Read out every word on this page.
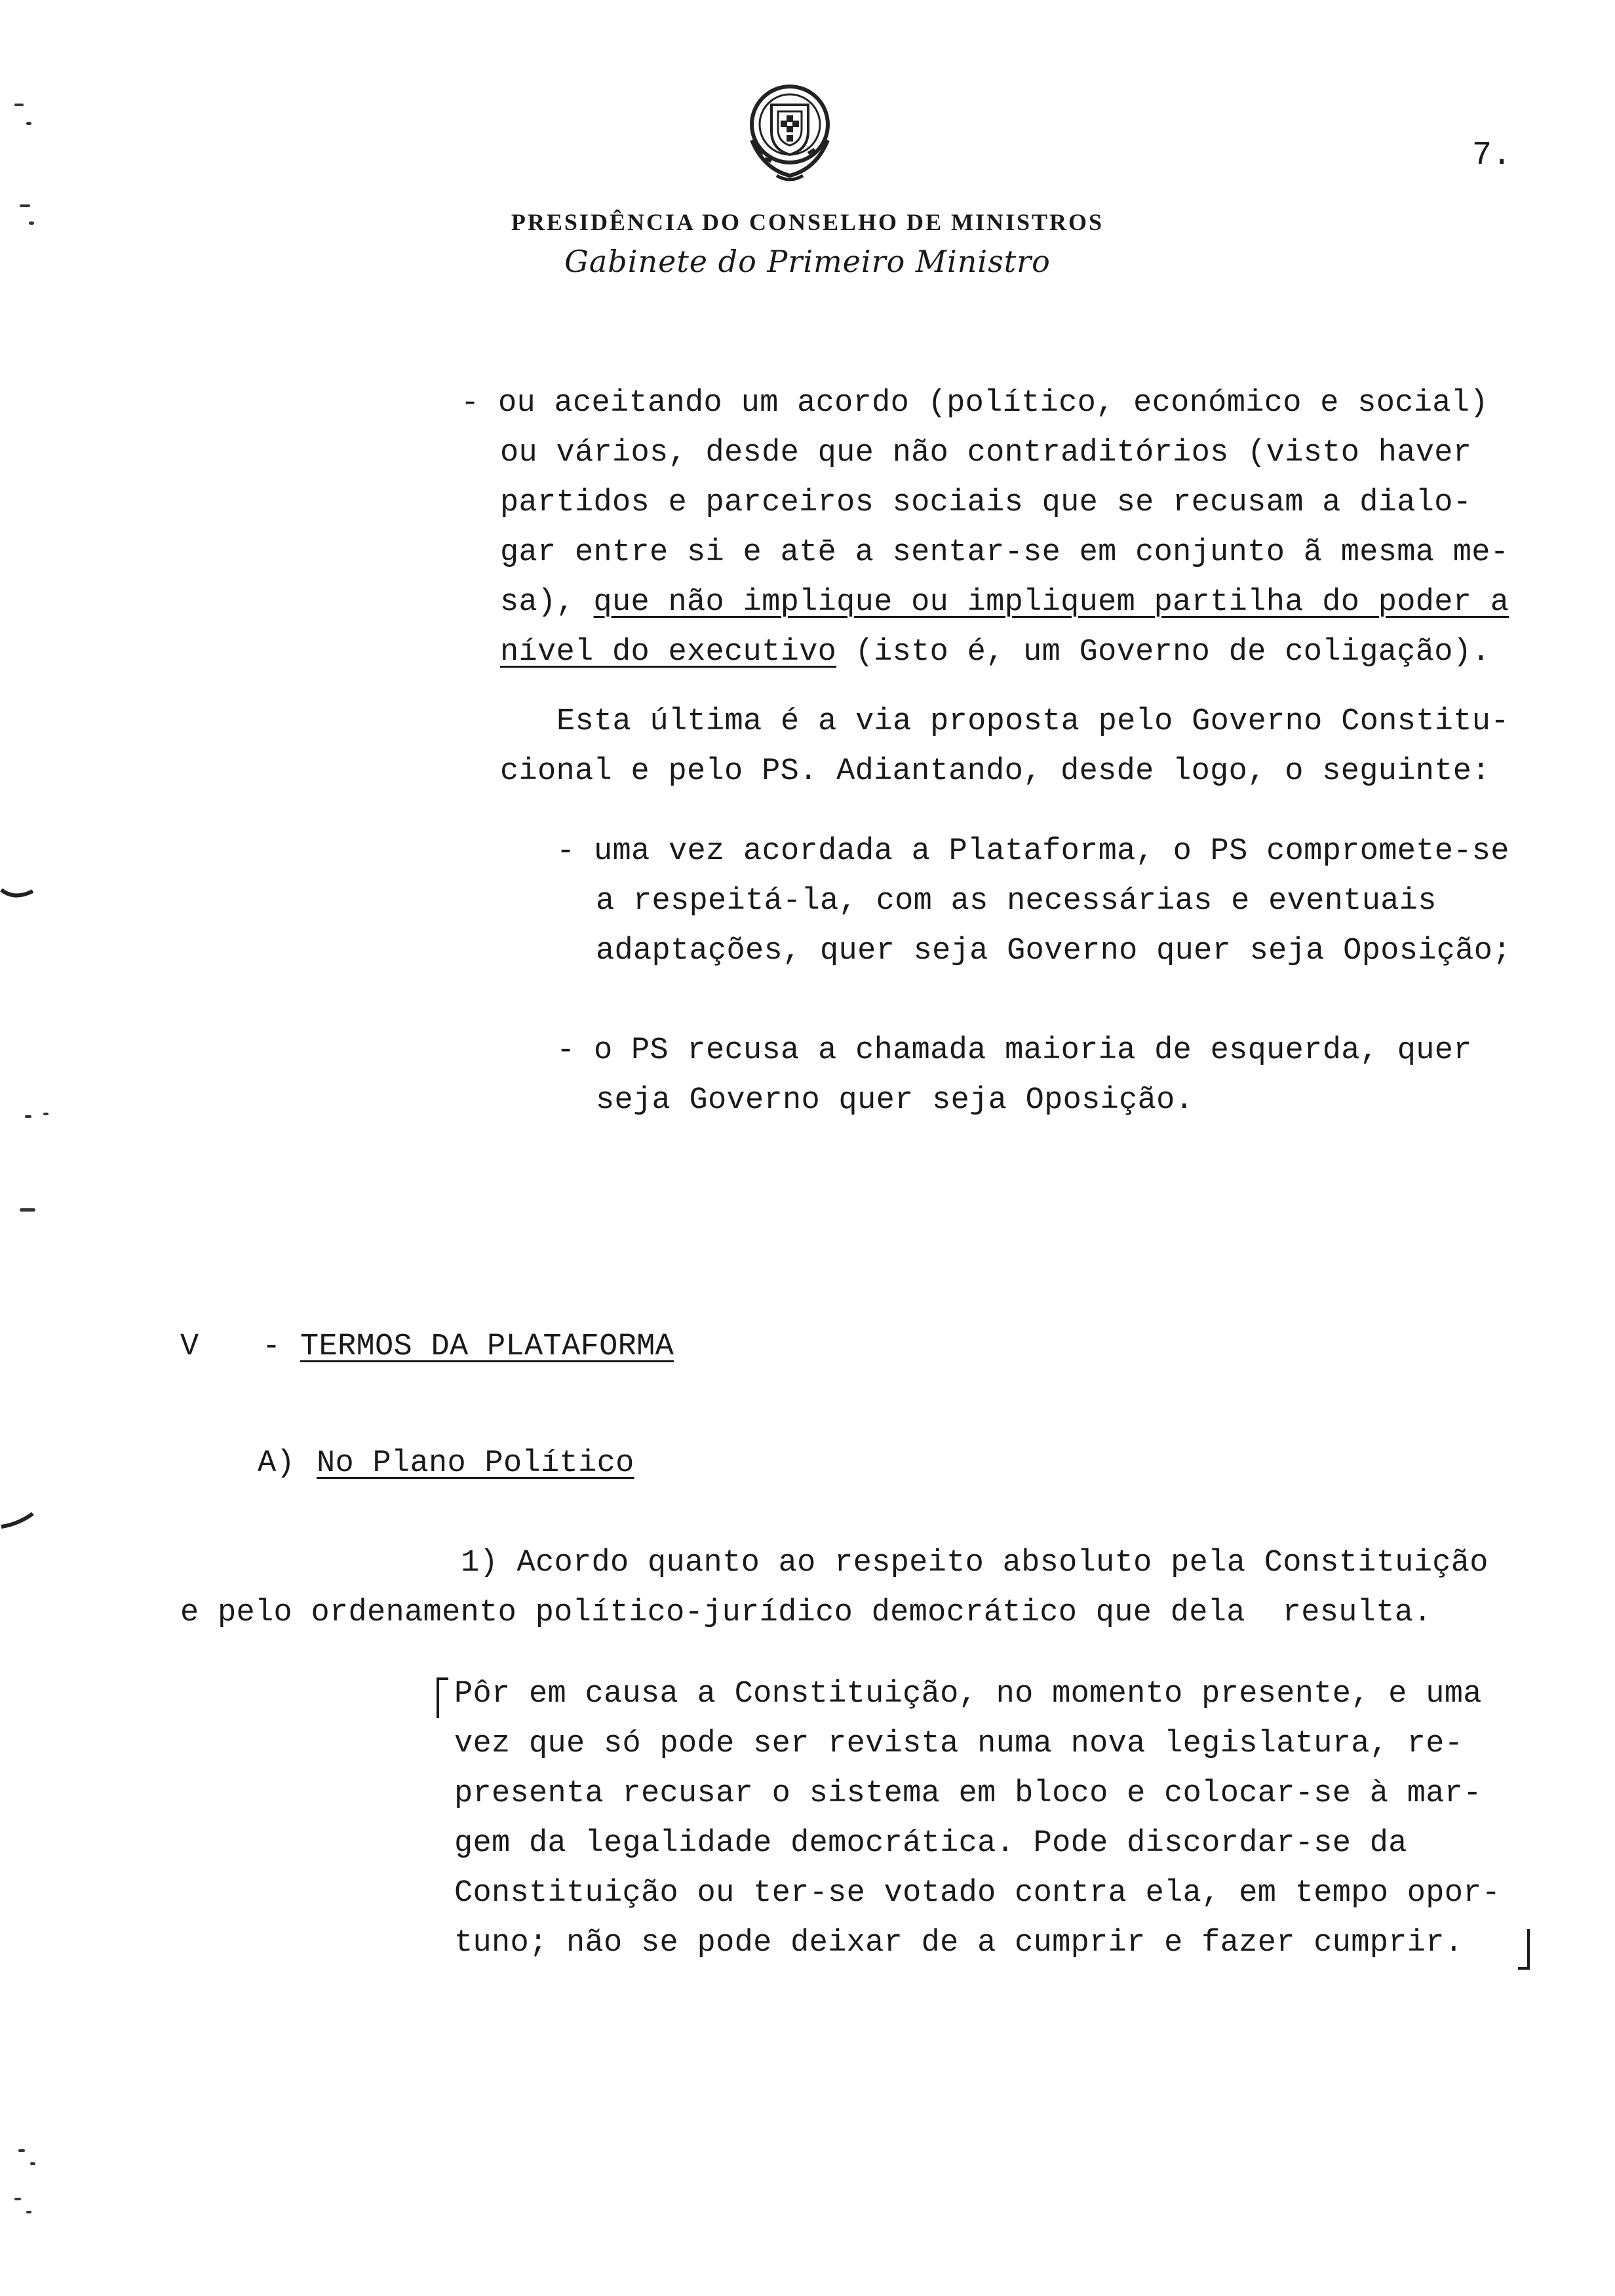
7.
PRESIDÊNCIA DO CONSELHO DE MINISTROS
Gabinete do Primeiro Ministro
- ou aceitando um acordo (político, económico e social)
ou vários, desde que não contraditórios (visto haver
partidos e parceiros sociais que se recusam a dialo-
gar entre si e atē a sentar-se em conjunto ã mesma me-
sa), que não implique ou impliquem partilha do poder a
nível do executivo (isto é, um Governo de coligação).
Esta última é a via proposta pelo Governo Constitu-
cional e pelo PS. Adiantando, desde logo, o seguinte:
- uma vez acordada a Plataforma, o PS compromete-se
a respeitá-la, com as necessárias e eventuais
adaptações, quer seja Governo quer seja Oposição;
- o PS recusa a chamada maioria de esquerda, quer
seja Governo quer seja Oposição.
V - TERMOS DA PLATAFORMA
A) No Plano Político
1) Acordo quanto ao respeito absoluto pela Constituição
e pelo ordenamento político-jurídico democrático que dela  resulta.
Pôr em causa a Constituição, no momento presente, e uma
vez que só pode ser revista numa nova legislatura, re-
presenta recusar o sistema em bloco e colocar-se à mar-
gem da legalidade democrática. Pode discordar-se da
Constituição ou ter-se votado contra ela, em tempo opor-
tuno; não se pode deixar de a cumprir e fazer cumprir.
